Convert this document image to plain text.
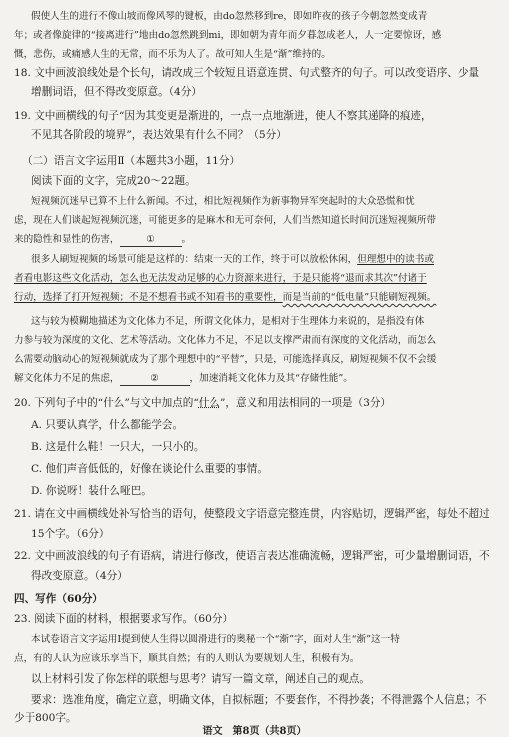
假使人生的进行不像山坡而像风琴的键板，由do忽然移到re，即如昨夜的孩子今朝忽然变成青

年；或者像旋律的“接离进行”地由do忽然跳到mi，即如朝为青年而夕暮忽成老人，人一定要惊讶，感

慨，悲伤，或痛感人生的无常，而不乐为人了。故可知人生是“渐”维持的。

18. 文中画波浪线处是个长句，请改成三个较短且语意连贯、句式整齐的句子。可以改变语序、少量

增删词语，但不得改变原意。（4分）

19. 文中画横线的句子“因为其变更是渐进的，一点一点地渐进，使人不察其递降的痕迹，

不见其各阶段的境界”，表达效果有什么不同？（5分）

（二）语言文字运用Ⅱ（本题共3小题，11分）

阅读下面的文字，完成20～22题。

短视频沉迷早已算不上什么新闻。不过，相比短视频作为新事物异军突起时的大众恐慌和忧

虑，现在人们谈起短视频沉迷，可能更多的是麻木和无可奈何，人们当然知道长时间沉迷短视频所带

来的隐性和显性的伤害，	①	。

很多人刷短视频的场景可能是这样的：结束一天的工作，终于可以放松休闲，但理想中的读书或

者看电影这些文化活动，怎么也无法发动足够的心力资源来进行，于是只能将“退而求其次”付诸于

行动，选择了打开短视频；不是不想看书或不知看书的重要性，而是当前的“低电量”只能刷短视频。

这与较为模糊地描述为文化体力不足，所谓文化体力，是相对于生理体力来说的，是指没有体

力参与较为深度的文化、艺术等活动。文化体力不足，不足以支撑严肃而有深度的文化活动，而怎么

么需要动脑动心的短视频就成为了那个理想中的“平替”，只是，可能选择真反，刷短视频不仅不会缓

解文化体力不足的焦虑，	②	，加速消耗文化体力及其“存储性能”。

20. 下列句子中的“什么”与文中加点的“什么”，意义和用法相同的一项是（3分）

A. 只要认真学，什么都能学会。

B. 这是什么鞋！一只大，一只小的。

C. 他们声音低低的，好像在谈论什么重要的事情。

D. 你说呀！装什么哑巴。

21. 请在文中画横线处补写恰当的语句，使整段文字语意完整连贯，内容贴切，逻辑严密，每处不超过

15个字。（6分）

22. 文中画波浪线的句子有语病，请进行修改，使语言表达准确流畅，逻辑严密，可少量增删词语，不

得改变原意。（4分）

四、写作（60分）

23. 阅读下面的材料，根据要求写作。（60分）

本试卷语言文字运用Ⅰ提到使人生得以圆滑进行的奥秘一个“渐”字，面对人生“渐”这一特

点，有的人认为应该乐享当下，顺其自然；有的人则认为要规划人生，积极有为。

以上材料引发了你怎样的联想与思考？请写一篇文章，阐述自己的观点。

要求：选准角度，确定立意，明确文体，自拟标题；不要套作，不得抄袭；不得泄露个人信息；不

少于800字。

语文　第8页（共8页）
